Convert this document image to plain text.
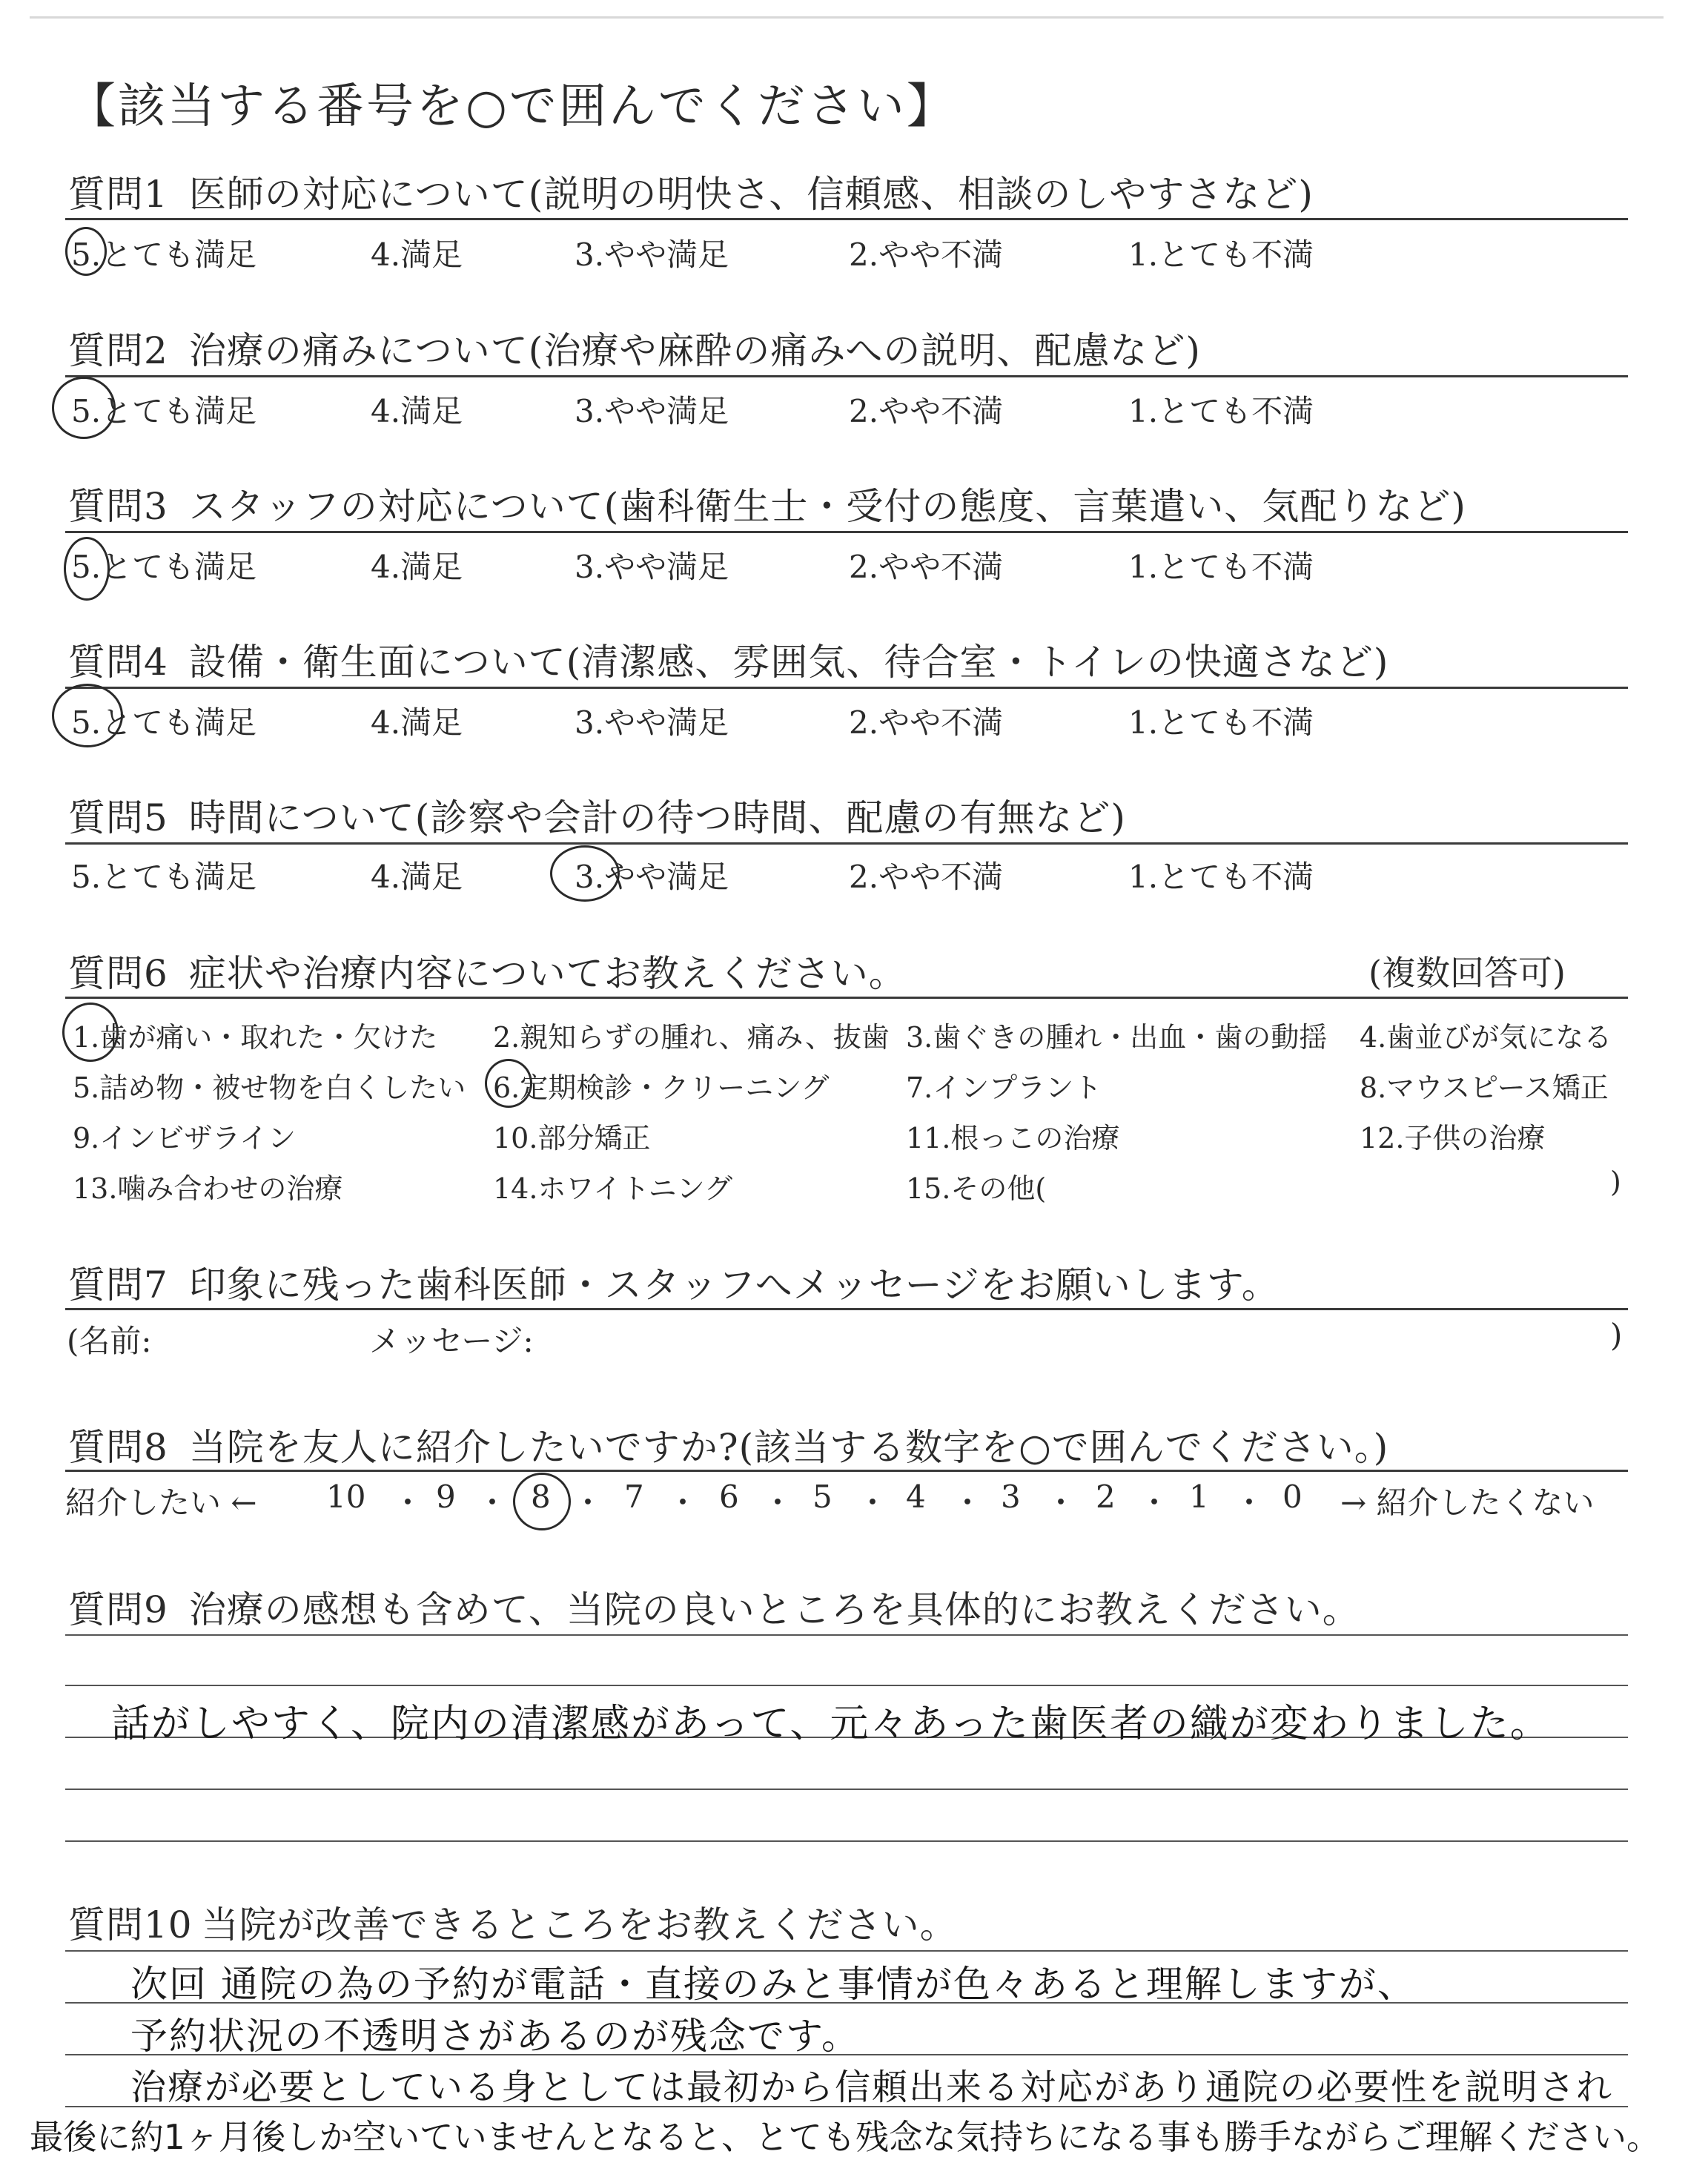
【該当する番号を○で囲んでください】
質問1 医師の対応について(説明の明快さ、信頼感、相談のしやすさなど)
5.とても満足	4.満足	3.やや満足	2.やや不満	1.とても不満
質問2 治療の痛みについて(治療や麻酔の痛みへの説明、配慮など)
5.とても満足	4.満足	3.やや満足	2.やや不満	1.とても不満
質問3 スタッフの対応について(歯科衛生士・受付の態度、言葉遣い、気配りなど)
5.とても満足	4.満足	3.やや満足	2.やや不満	1.とても不満
質問4 設備・衛生面について(清潔感、雰囲気、待合室・トイレの快適さなど)
5.とても満足	4.満足	3.やや満足	2.やや不満	1.とても不満
質問5 時間について(診察や会計の待つ時間、配慮の有無など)
5.とても満足	4.満足	3.やや満足	2.やや不満	1.とても不満
質問6 症状や治療内容についてお教えください。	(複数回答可)
1.歯が痛い・取れた・欠けた 2.親知らずの腫れ、痛み、抜歯 3.歯ぐきの腫れ・出血・歯の動揺 4.歯並びが気になる
5.詰め物・被せ物を白くしたい 6.定期検診・クリーニング	7.インプラント	8.マウスピース矯正
9.インビザライン	10.部分矯正	11.根っこの治療	12.子供の治療
13.噛み合わせの治療	14.ホワイトニング	15.その他(	)
質問7 印象に残った歯科医師・スタッフへメッセージをお願いします。
(名前:	メッセージ:	)
質問8 当院を友人に紹介したいですか?(該当する数字を○で囲んでください。)
紹介したい ←	→ 紹介したくない
10 ・ 9 ・ 8 ・ 7 ・ 6 ・ 5 ・ 4 ・ 3 ・ 2 ・ 1 ・ 0
質問9 治療の感想も含めて、当院の良いところを具体的にお教えください。
話がしやすく、院内の清潔感があって、元々あった歯医者の織が変わりました。
質問10 当院が改善できるところをお教えください。
次回 通院の為の予約が電話・直接のみと事情が色々あると理解しますが、
予約状況の不透明さがあるのが残念です。
治療が必要としている身としては最初から信頼出来る対応があり通院の必要性を説明され
最後に約1ヶ月後しか空いていませんとなると、とても残念な気持ちになる事も勝手ながらご理解ください。
